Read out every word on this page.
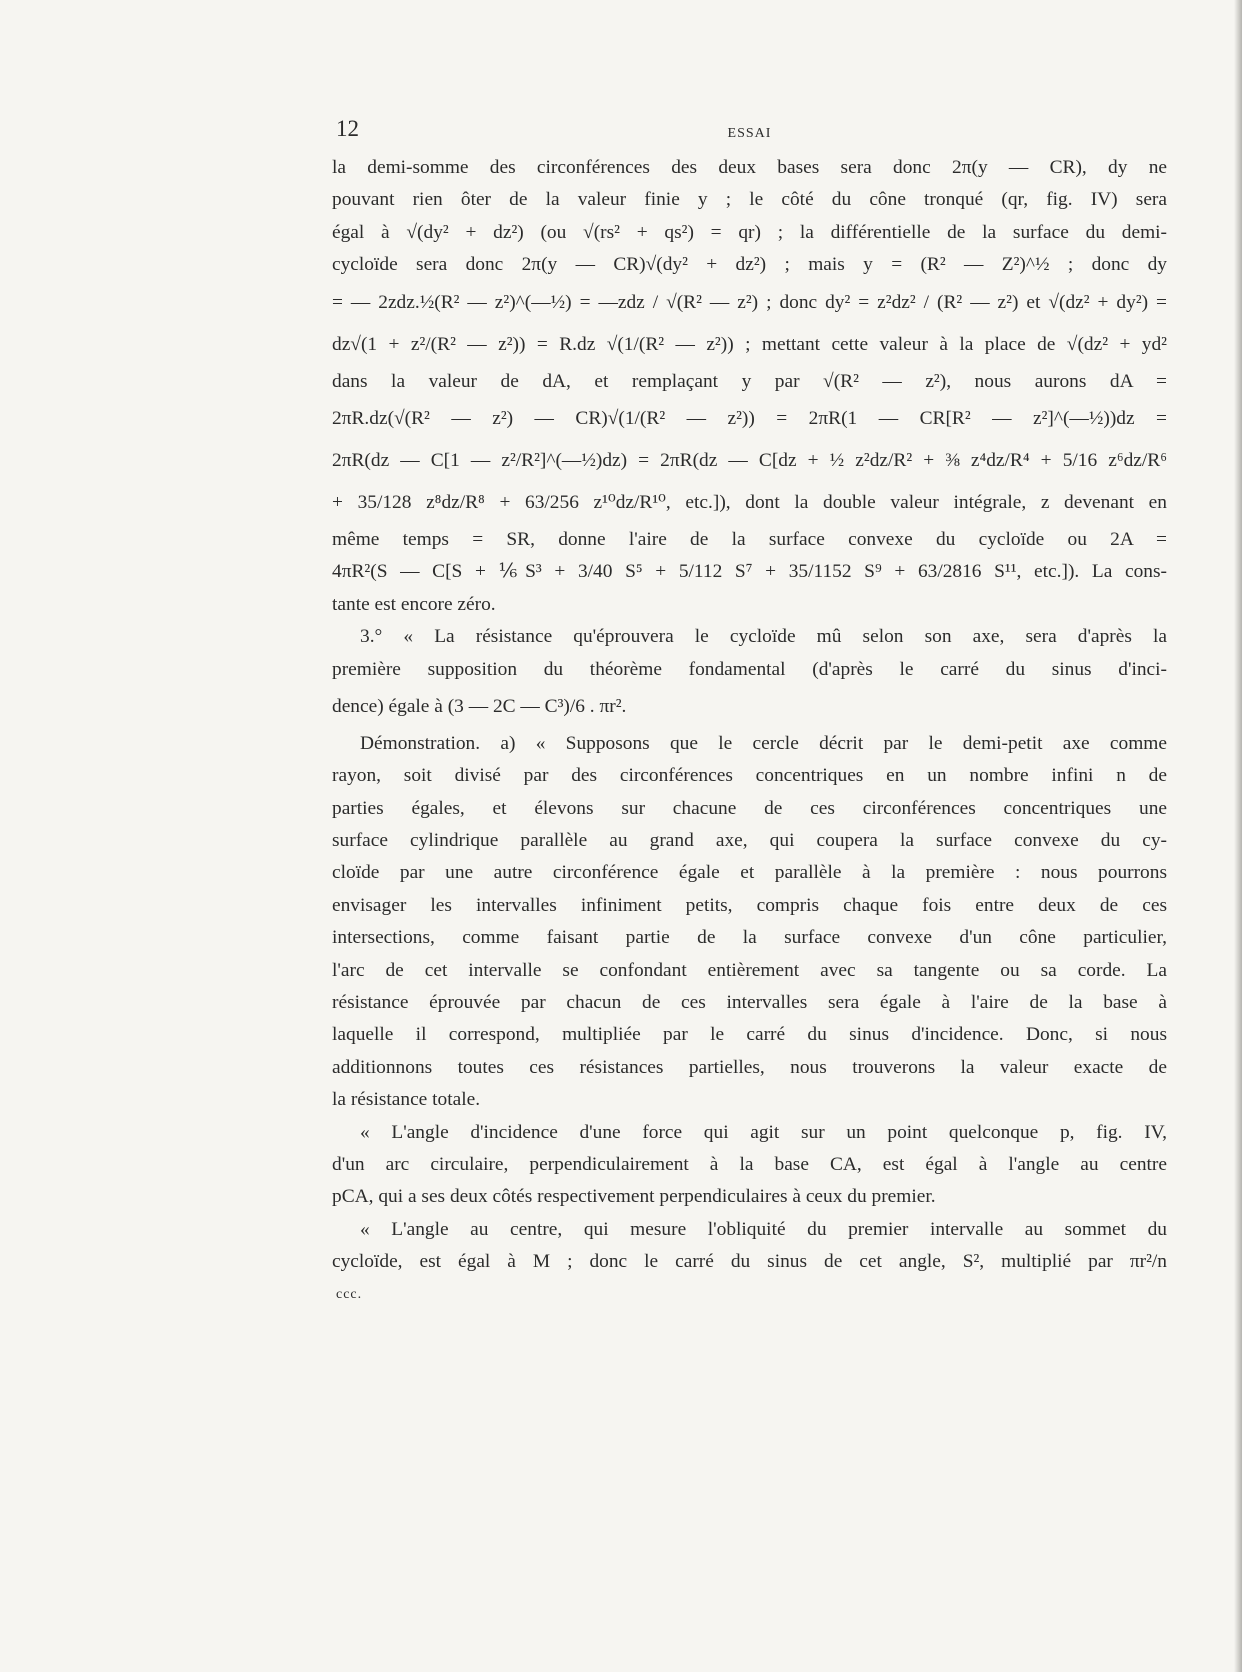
12	ESSAI
la demi-somme des circonférences des deux bases sera donc 2π(y — CR), dy ne
pouvant rien ôter de la valeur finie y ; le côté du cône tronqué (qr, fig. IV) sera
égal à √(dy² + dz²) (ou √(rs² + qs²) = qr) ; la différentielle de la surface du demi-
cycloïde sera donc 2π(y — CR)√(dy² + dz²) ; mais y = (R² — Z²)^½ ; donc dy
= — 2zdz.½(R² — z²)^(—½) = —zdz / √(R² — z²) ; donc dy² = z²dz² / (R² — z²) et √(dz² + dy²) =
dz√(1 + z²/(R² — z²)) = R.dz √(1/(R² — z²)) ; mettant cette valeur à la place de √(dz² + yd²
dans la valeur de dA, et remplaçant y par √(R² — z²), nous aurons dA =
2πR.dz(√(R² — z²) — CR)√(1/(R² — z²)) = 2πR(1 — CR[R² — z²]^(—½))dz =
2πR(dz — C[1 — z²/R²]^(—½)dz) = 2πR(dz — C[dz + ½ z²dz/R² + ⅜ z⁴dz/R⁴ + 5/16 z⁶dz/R⁶
+ 35/128 z⁸dz/R⁸ + 63/256 z¹⁰dz/R¹⁰, etc.]), dont la double valeur intégrale, z devenant en
même temps = SR, donne l'aire de la surface convexe du cycloïde ou 2A =
4πR²(S — C[S + ⅙S³ + 3/40 S⁵ + 5/112 S⁷ + 35/1152 S⁹ + 63/2816 S¹¹, etc.]). La cons-
tante est encore zéro.
3.° « La résistance qu'éprouvera le cycloïde mû selon son axe, sera d'après la
première supposition du théorème fondamental (d'après le carré du sinus d'inci-
dence) égale à (3 — 2C — C³)/6 . πr².
Démonstration. a) « Supposons que le cercle décrit par le demi-petit axe comme
rayon, soit divisé par des circonférences concentriques en un nombre infini n de
parties égales, et élevons sur chacune de ces circonférences concentriques une
surface cylindrique parallèle au grand axe, qui coupera la surface convexe du cy-
cloïde par une autre circonférence égale et parallèle à la première : nous pourrons
envisager les intervalles infiniment petits, compris chaque fois entre deux de ces
intersections, comme faisant partie de la surface convexe d'un cône particulier,
l'arc de cet intervalle se confondant entièrement avec sa tangente ou sa corde. La
résistance éprouvée par chacun de ces intervalles sera égale à l'aire de la base à
laquelle il correspond, multipliée par le carré du sinus d'incidence. Donc, si nous
additionnons toutes ces résistances partielles, nous trouverons la valeur exacte de
la résistance totale.
« L'angle d'incidence d'une force qui agit sur un point quelconque p, fig. IV,
d'un arc circulaire, perpendiculairement à la base CA, est égal à l'angle au centre
pCA, qui a ses deux côtés respectivement perpendiculaires à ceux du premier.
« L'angle au centre, qui mesure l'obliquité du premier intervalle au sommet du
cycloïde, est égal à M ; donc le carré du sinus de cet angle, S², multiplié par πr²/n
ccc.
